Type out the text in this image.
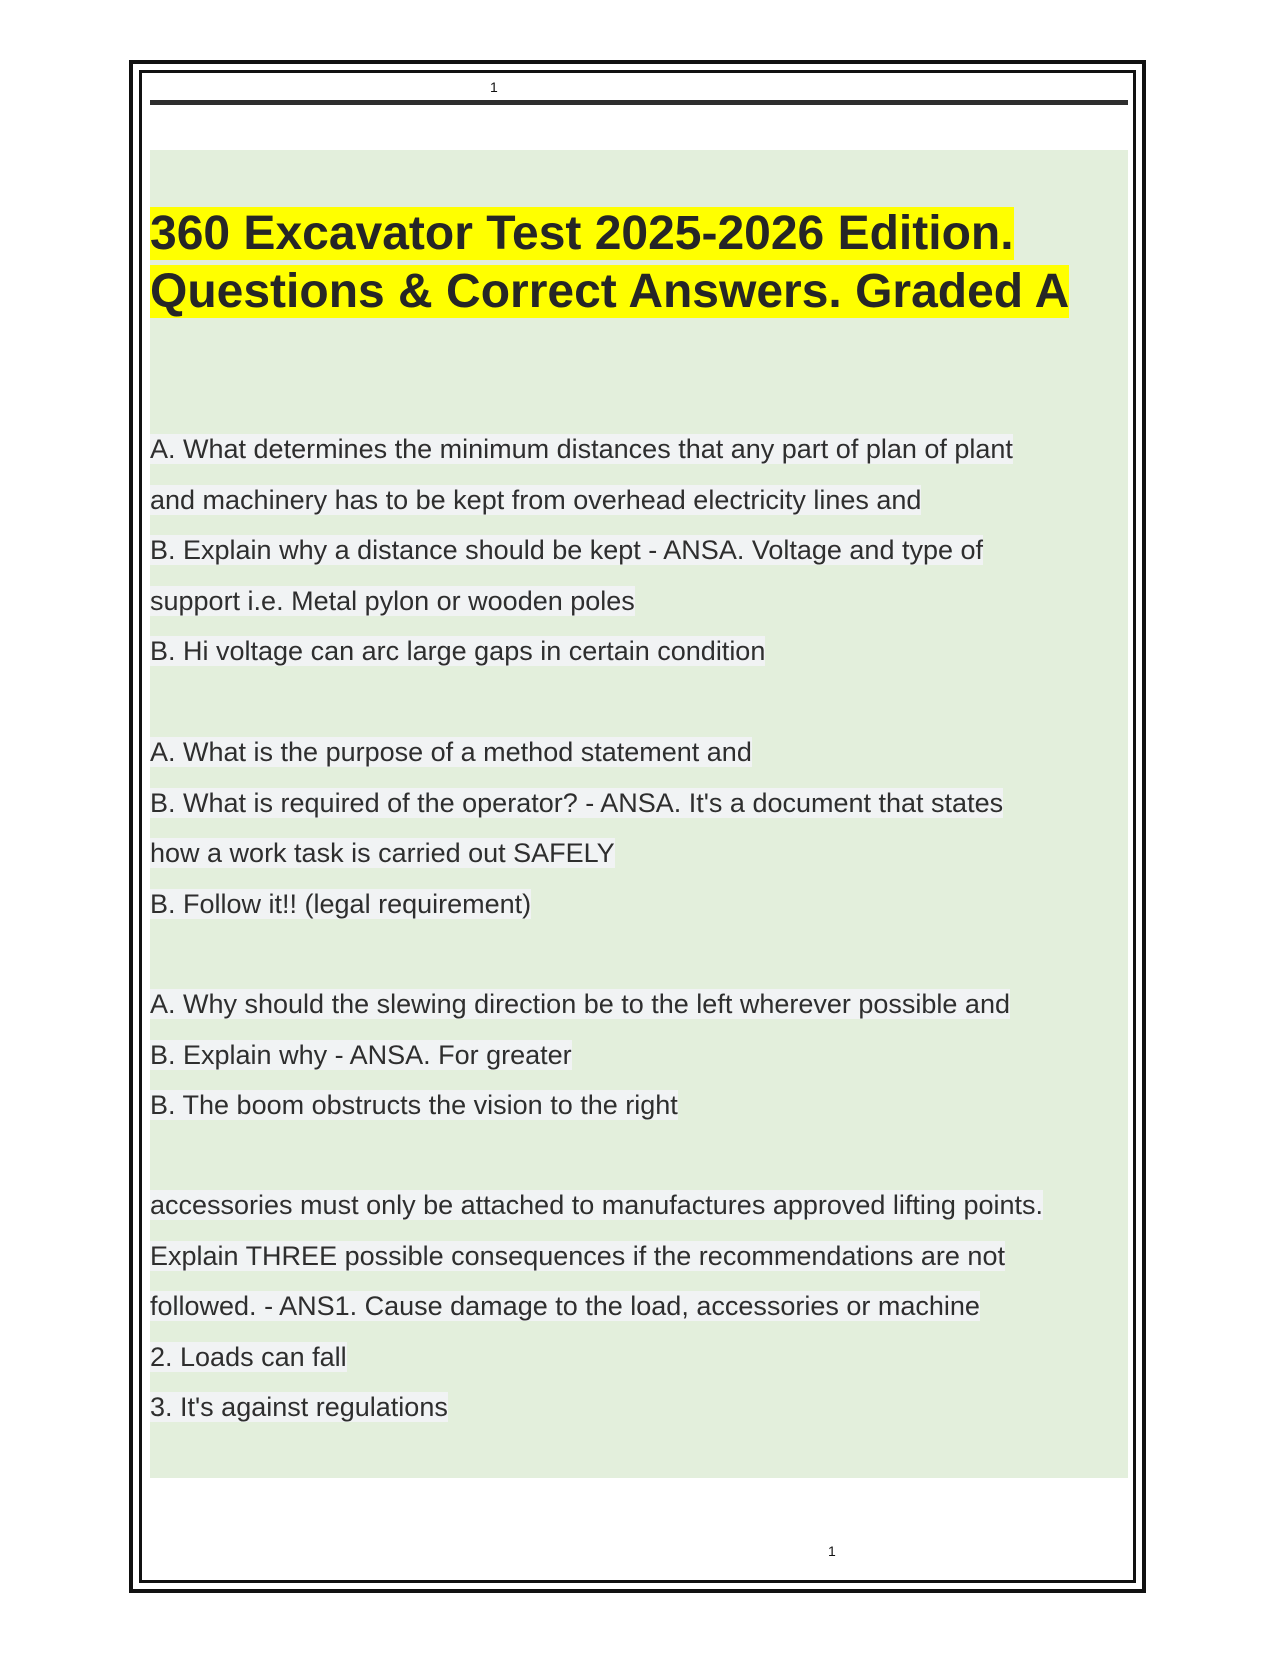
1
360 Excavator Test 2025-2026 Edition.
Questions & Correct Answers. Graded A
A. What determines the minimum distances that any part of plan of plant
and machinery has to be kept from overhead electricity lines and
B. Explain why a distance should be kept - ANSA. Voltage and type of
support i.e. Metal pylon or wooden poles
B. Hi voltage can arc large gaps in certain condition
A. What is the purpose of a method statement and
B. What is required of the operator? - ANSA. It's a document that states
how a work task is carried out SAFELY
B. Follow it!! (legal requirement)
A. Why should the slewing direction be to the left wherever possible and
B. Explain why - ANSA. For greater
B. The boom obstructs the vision to the right
accessories must only be attached to manufactures approved lifting points.
Explain THREE possible consequences if the recommendations are not
followed. - ANS1. Cause damage to the load, accessories or machine
2. Loads can fall
3. It's against regulations
1
